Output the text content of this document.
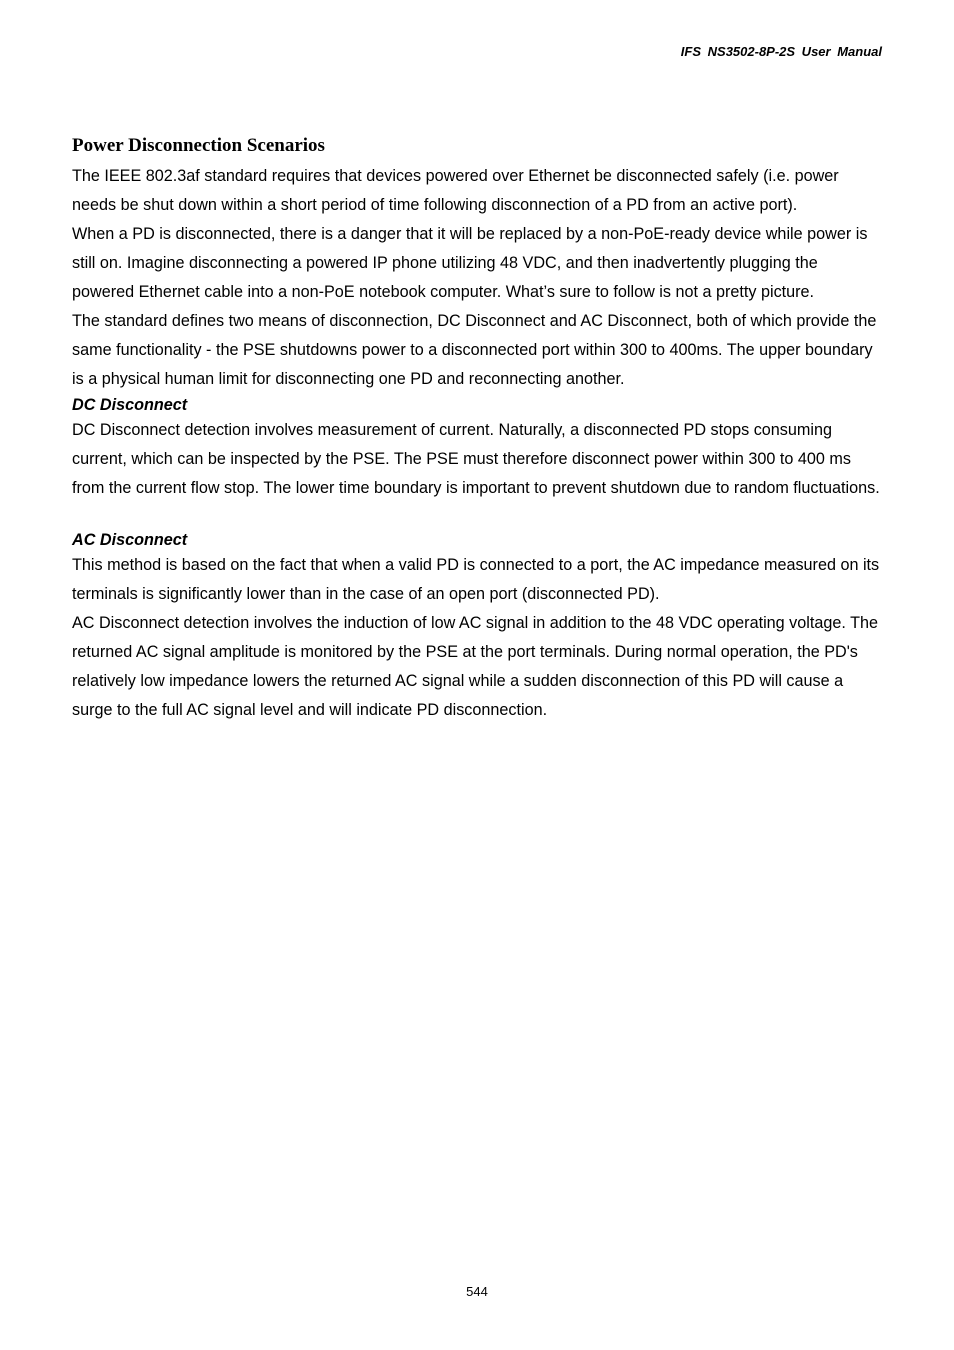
IFS NS3502-8P-2S User Manual
Power Disconnection Scenarios

The IEEE 802.3af standard requires that devices powered over Ethernet be disconnected safely (i.e. power needs be shut down within a short period of time following disconnection of a PD from an active port).

When a PD is disconnected, there is a danger that it will be replaced by a non-PoE-ready device while power is still on. Imagine disconnecting a powered IP phone utilizing 48 VDC, and then inadvertently plugging the powered Ethernet cable into a non-PoE notebook computer. What’s sure to follow is not a pretty picture.

The standard defines two means of disconnection, DC Disconnect and AC Disconnect, both of which provide the same functionality - the PSE shutdowns power to a disconnected port within 300 to 400ms. The upper boundary is a physical human limit for disconnecting one PD and reconnecting another.

DC Disconnect

DC Disconnect detection involves measurement of current. Naturally, a disconnected PD stops consuming current, which can be inspected by the PSE. The PSE must therefore disconnect power within 300 to 400 ms from the current flow stop. The lower time boundary is important to prevent shutdown due to random fluctuations.

AC Disconnect

This method is based on the fact that when a valid PD is connected to a port, the AC impedance measured on its terminals is significantly lower than in the case of an open port (disconnected PD).

AC Disconnect detection involves the induction of low AC signal in addition to the 48 VDC operating voltage. The returned AC signal amplitude is monitored by the PSE at the port terminals. During normal operation, the PD's relatively low impedance lowers the returned AC signal while a sudden disconnection of this PD will cause a surge to the full AC signal level and will indicate PD disconnection.

544
